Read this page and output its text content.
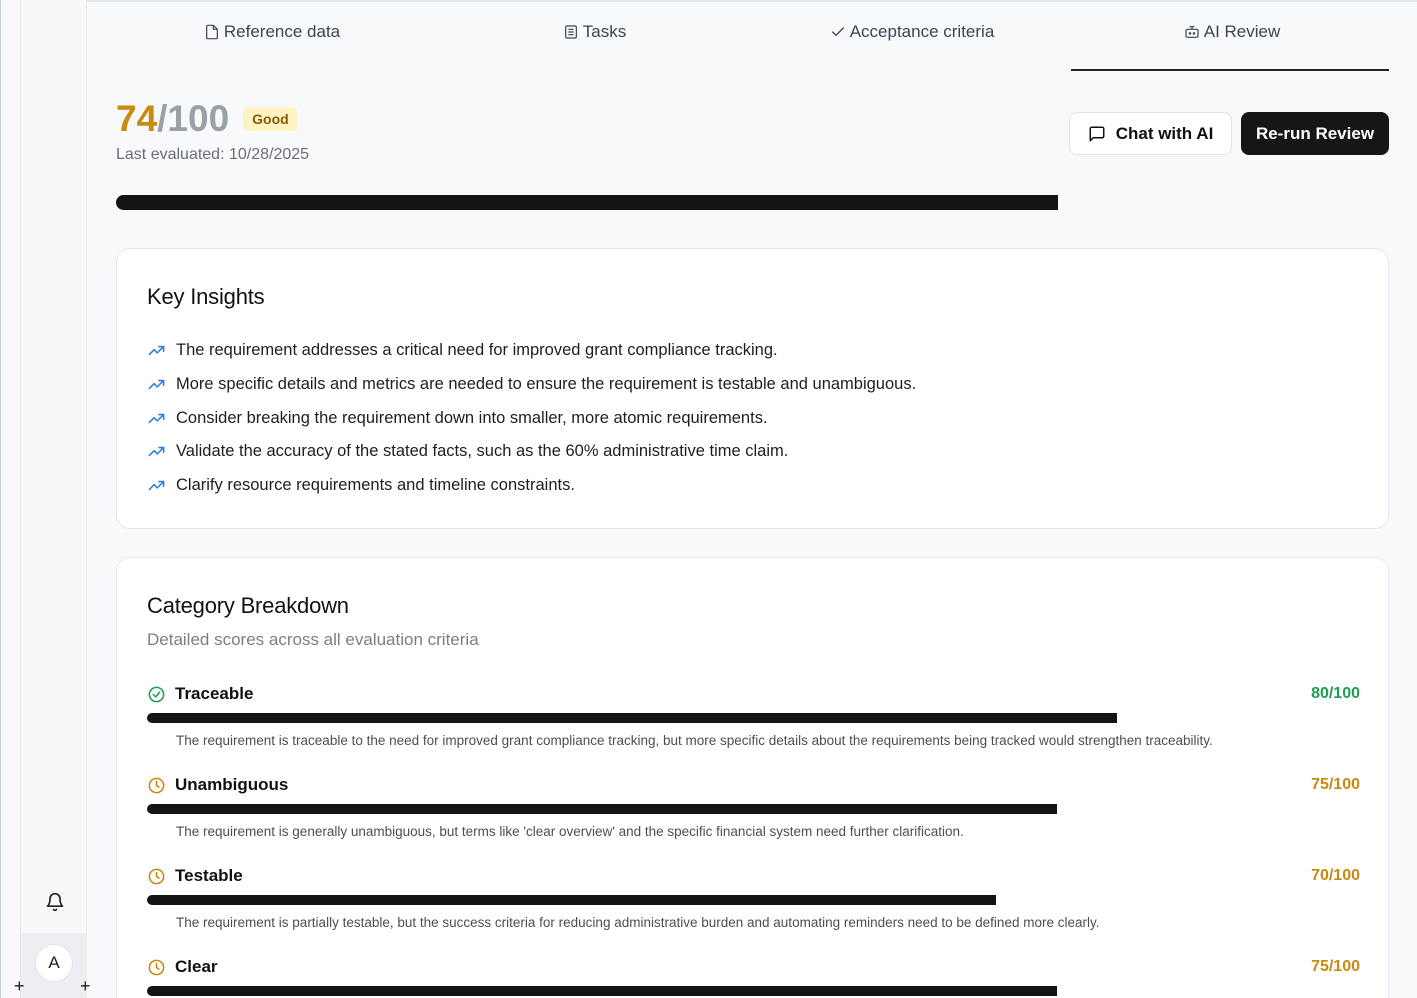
A
+	+
Reference data	Tasks	Acceptance criteria	AI Review
74/100	Good
Last evaluated: 10/28/2025
Chat with AI	Re-run Review
Key Insights
The requirement addresses a critical need for improved grant compliance tracking.
More specific details and metrics are needed to ensure the requirement is testable and unambiguous.
Consider breaking the requirement down into smaller, more atomic requirements.
Validate the accuracy of the stated facts, such as the 60% administrative time claim.
Clarify resource requirements and timeline constraints.
Category Breakdown
Detailed scores across all evaluation criteria
Traceable	80/100
The requirement is traceable to the need for improved grant compliance tracking, but more specific details about the requirements being tracked would strengthen traceability.
Unambiguous	75/100
The requirement is generally unambiguous, but terms like 'clear overview' and the specific financial system need further clarification.
Testable	70/100
The requirement is partially testable, but the success criteria for reducing administrative burden and automating reminders need to be defined more clearly.
Clear	75/100
